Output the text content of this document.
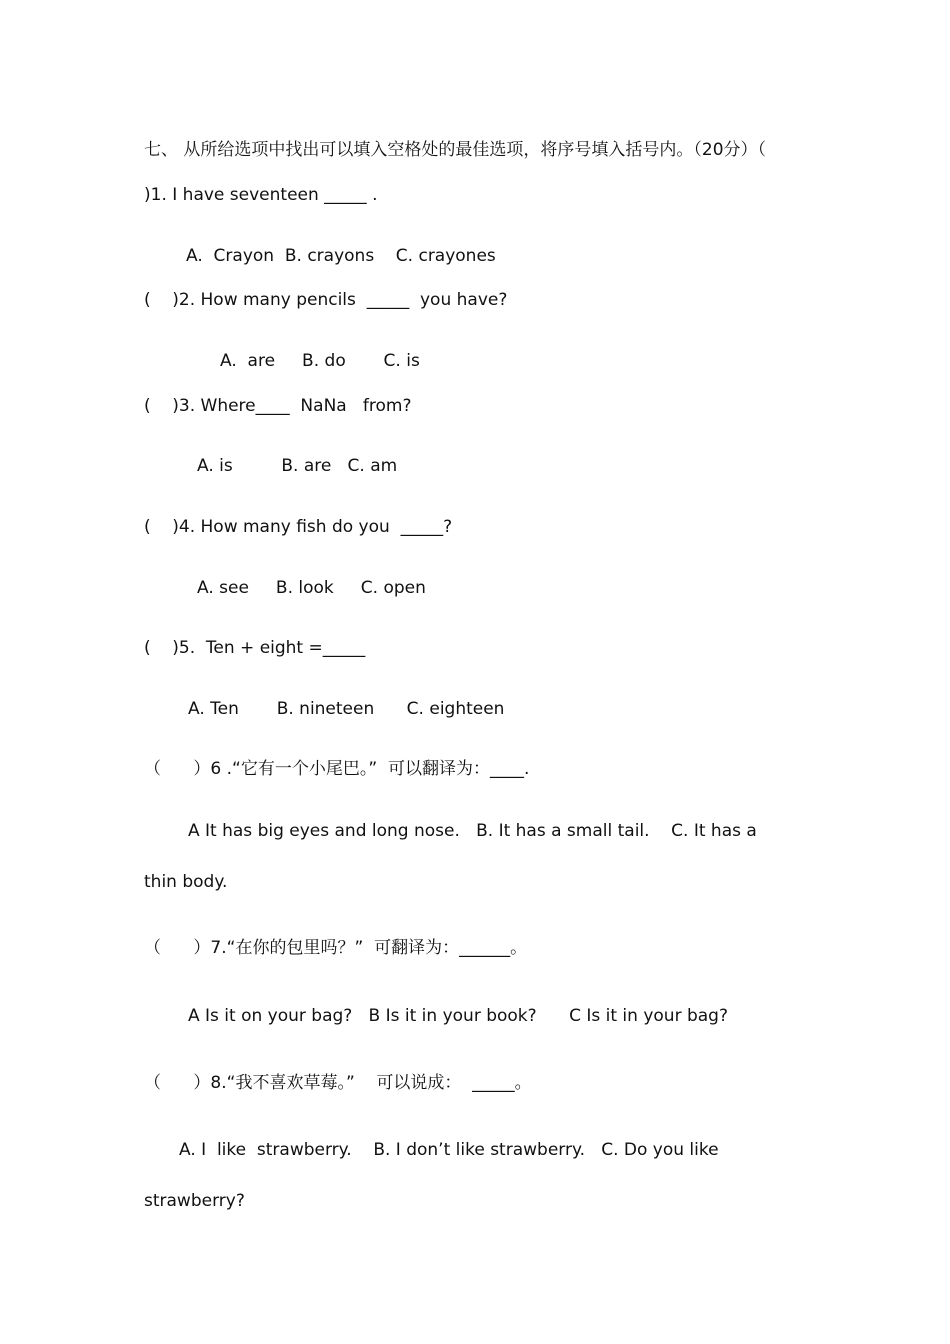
七、 从所给选项中找出可以填入空格处的最佳选项，将序号填入括号内。（20分）（
)1. I have seventeen _____ .
A.  Crayon  B. crayons    C. crayones
(    )2. How many pencils  _____  you have?
A.  are     B. do       C. is
(    )3. Where____  NaNa   from?
A. is         B. are   C. am
(    )4. How many fish do you  _____?
A. see     B. look     C. open
(    )5.  Ten + eight =_____
A. Ten       B. nineteen      C. eighteen
（      ）6 .“它有一个小尾巴。”  可以翻译为：____.
A It has big eyes and long nose.   B. It has a small tail.    C. It has a
thin body.
（      ）7.“在你的包里吗？”  可翻译为：______。
A Is it on your bag?   B Is it in your book?      C Is it in your bag?
（      ）8.“我不喜欢草莓。”    可以说成：  _____。
A. I  like  strawberry.    B. I don’t like strawberry.   C. Do you like
strawberry?
